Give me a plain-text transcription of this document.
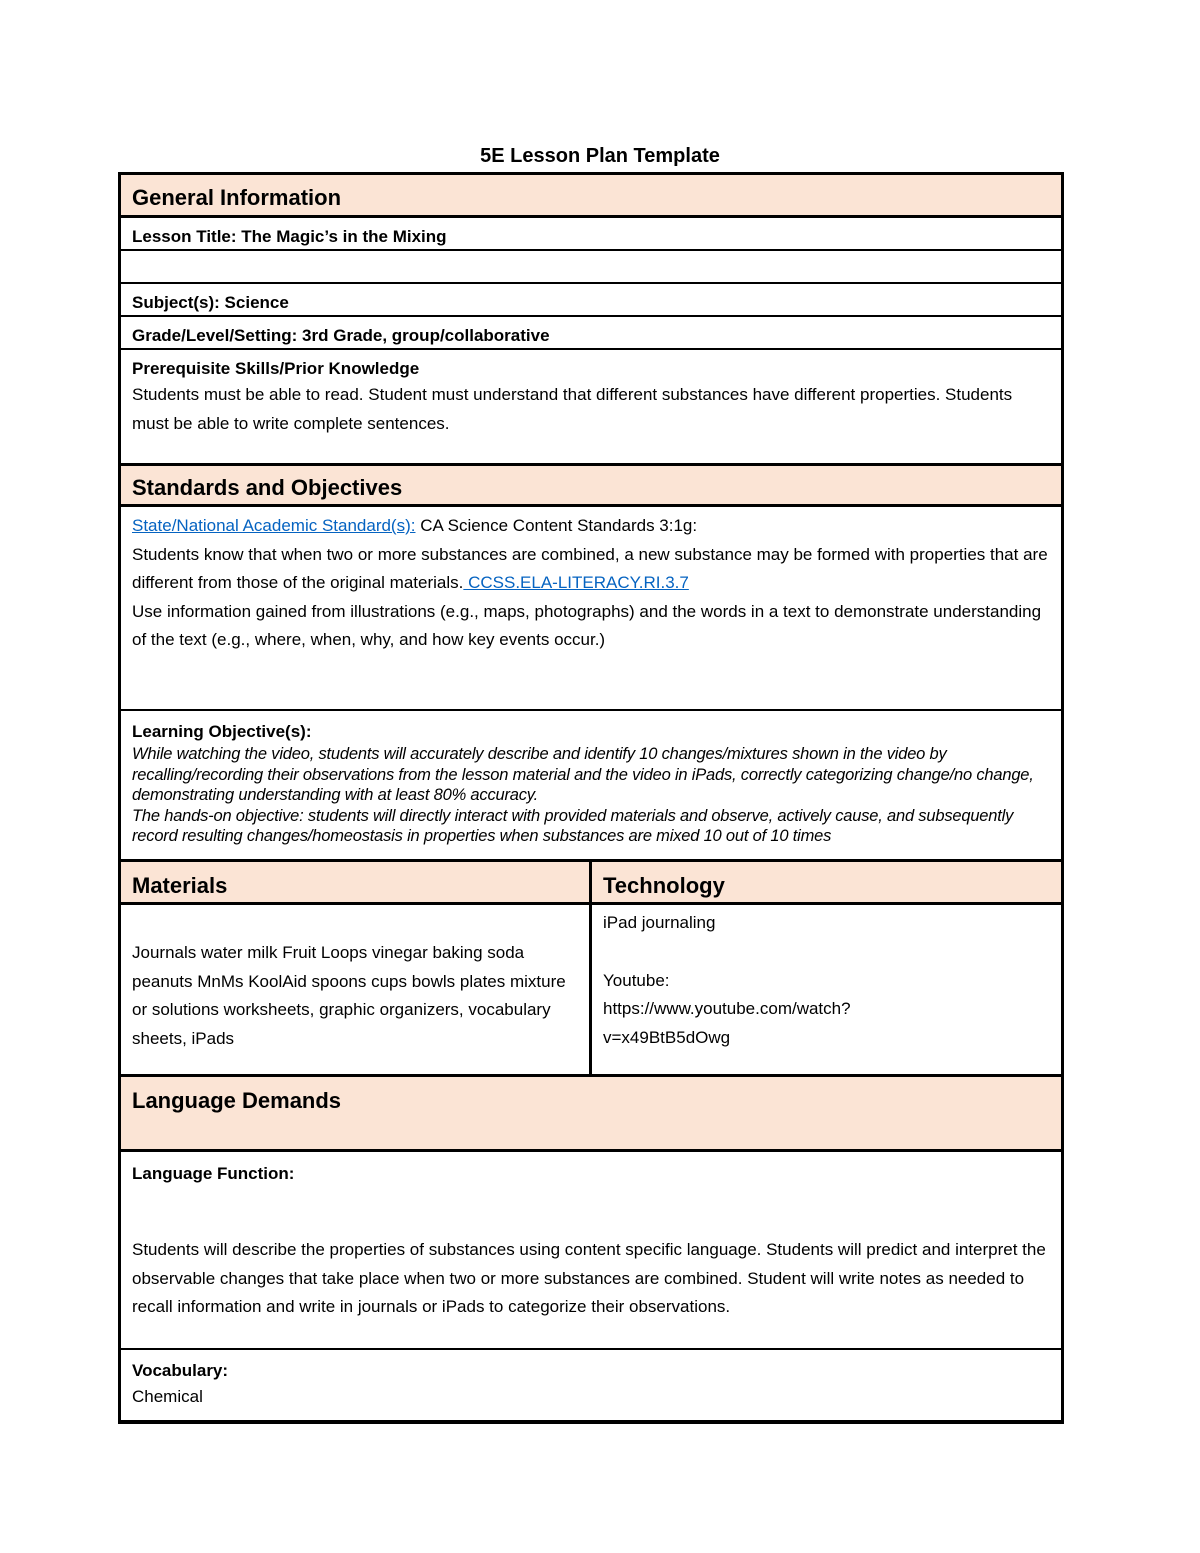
5E Lesson Plan Template
General Information
Lesson Title: The Magic’s in the Mixing
Subject(s): Science
Grade/Level/Setting: 3rd Grade, group/collaborative
Prerequisite Skills/Prior Knowledge
Students must be able to read. Student must understand that different substances have different properties. Students must be able to write complete sentences.
Standards and Objectives
State/National Academic Standard(s): CA Science Content Standards 3:1g:
Students know that when two or more substances are combined, a new substance may be formed with properties that are different from those of the original materials. CCSS.ELA-LITERACY.RI.3.7
Use information gained from illustrations (e.g., maps, photographs) and the words in a text to demonstrate understanding of the text (e.g., where, when, why, and how key events occur.)
Learning Objective(s):
While watching the video, students will accurately describe and identify 10 changes/mixtures shown in the video by recalling/recording their observations from the lesson material and the video in iPads, correctly categorizing change/no change, demonstrating understanding with at least 80% accuracy.
The hands-on objective: students will directly interact with provided materials and observe, actively cause, and subsequently record resulting changes/homeostasis in properties when substances are mixed 10 out of 10 times
Materials	Technology
Journals water milk Fruit Loops vinegar baking soda peanuts MnMs KoolAid spoons cups bowls plates mixture or solutions worksheets, graphic organizers, vocabulary sheets, iPads
iPad journaling
Youtube:
https://www.youtube.com/watch?
v=x49BtB5dOwg
Language Demands
Language Function:
Students will describe the properties of substances using content specific language. Students will predict and interpret the observable changes that take place when two or more substances are combined. Student will write notes as needed to recall information and write in journals or iPads to categorize their observations.
Vocabulary:
Chemical
